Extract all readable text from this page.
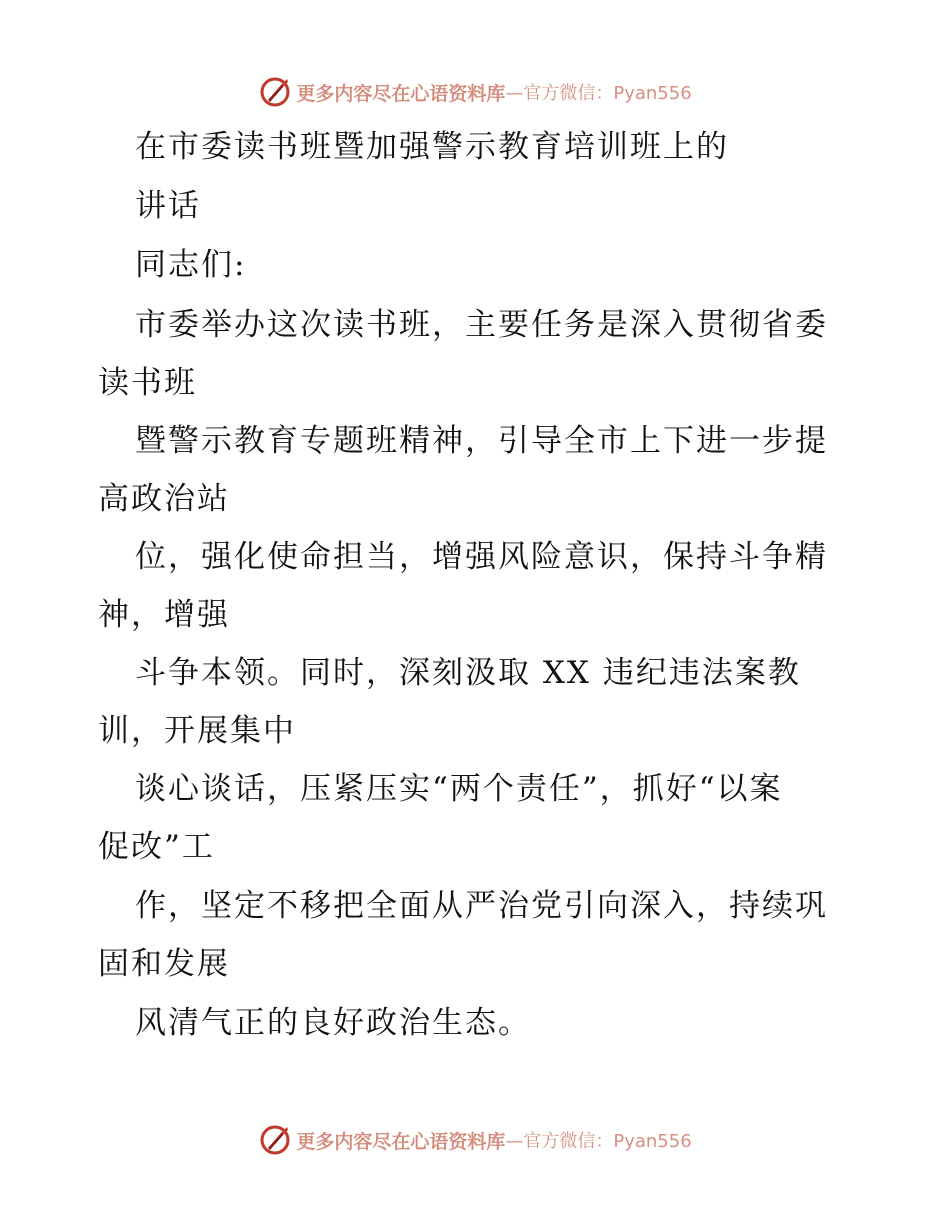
更多内容尽在心语资料库 —官方微信：Pyan556
在市委读书班暨加强警示教育培训班上的
讲话
同志们:
市委举办这次读书班，主要任务是深入贯彻省委
读书班
暨警示教育专题班精神，引导全市上下进一步提
高政治站
位，强化使命担当，增强风险意识，保持斗争精
神，增强
斗争本领。同时，深刻汲取 XX 违纪违法案教
训，开展集中
谈心谈话，压紧压实“两个责任”，抓好“以案
促改”工
作，坚定不移把全面从严治党引向深入，持续巩
固和发展
风清气正的良好政治生态。
更多内容尽在心语资料库 —官方微信：Pyan556
